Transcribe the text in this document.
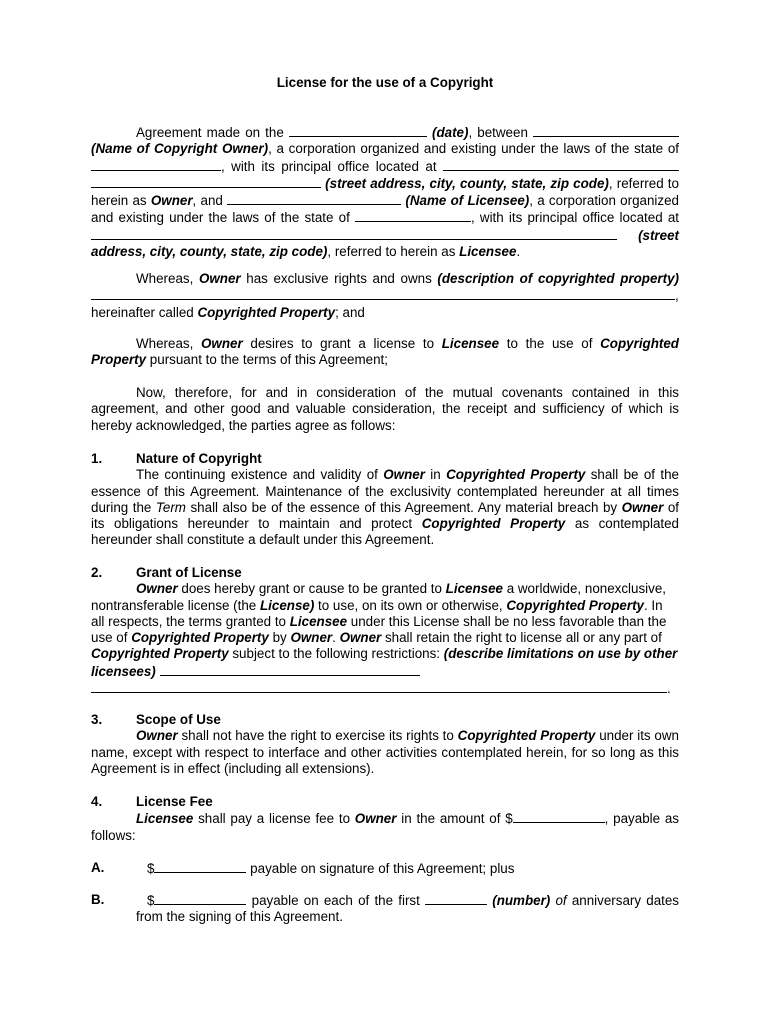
License for the use of a Copyright
Agreement made on the	(date), between  (Name of Copyright Owner), a corporation organized and existing under the laws of the state of , with its principal office located at   (street address, city, county, state, zip code), referred to herein as Owner, and	(Name of Licensee), a corporation organized and existing under the laws of the state of	, with its principal office located at  (street address, city, county, state, zip code), referred to herein as Licensee.
Whereas, Owner has exclusive rights and owns (description of copyrighted property)
,
hereinafter called Copyrighted Property; and
Whereas, Owner desires to grant a license to Licensee to the use of Copyrighted Property pursuant to the terms of this Agreement;
Now, therefore, for and in consideration of the mutual covenants contained in this agreement, and other good and valuable consideration, the receipt and sufficiency of which is hereby acknowledged, the parties agree as follows:
1.	Nature of Copyright
The continuing existence and validity of Owner in Copyrighted Property shall be of the essence of this Agreement. Maintenance of the exclusivity contemplated hereunder at all times during the Term shall also be of the essence of this Agreement. Any material breach by Owner of its obligations hereunder to maintain and protect Copyrighted Property as contemplated hereunder shall constitute a default under this Agreement.
2.	Grant of License
Owner does hereby grant or cause to be granted to Licensee a worldwide, nonexclusive, nontransferable license (the License) to use, on its own or otherwise, Copyrighted Property. In all respects, the terms granted to Licensee under this License shall be no less favorable than the use of Copyrighted Property by Owner. Owner shall retain the right to license all or any part of Copyrighted Property subject to the following restrictions: (describe limitations on use by other licensees)
.
3.	Scope of Use
Owner shall not have the right to exercise its rights to Copyrighted Property under its own name, except with respect to interface and other activities contemplated herein, for so long as this Agreement is in effect (including all extensions).
4.	License Fee
Licensee shall pay a license fee to Owner in the amount of $	, payable as follows:
A.	$	payable on signature of this Agreement; plus
B.	$	payable on each of the first	(number) of anniversary dates from the signing of this Agreement.
